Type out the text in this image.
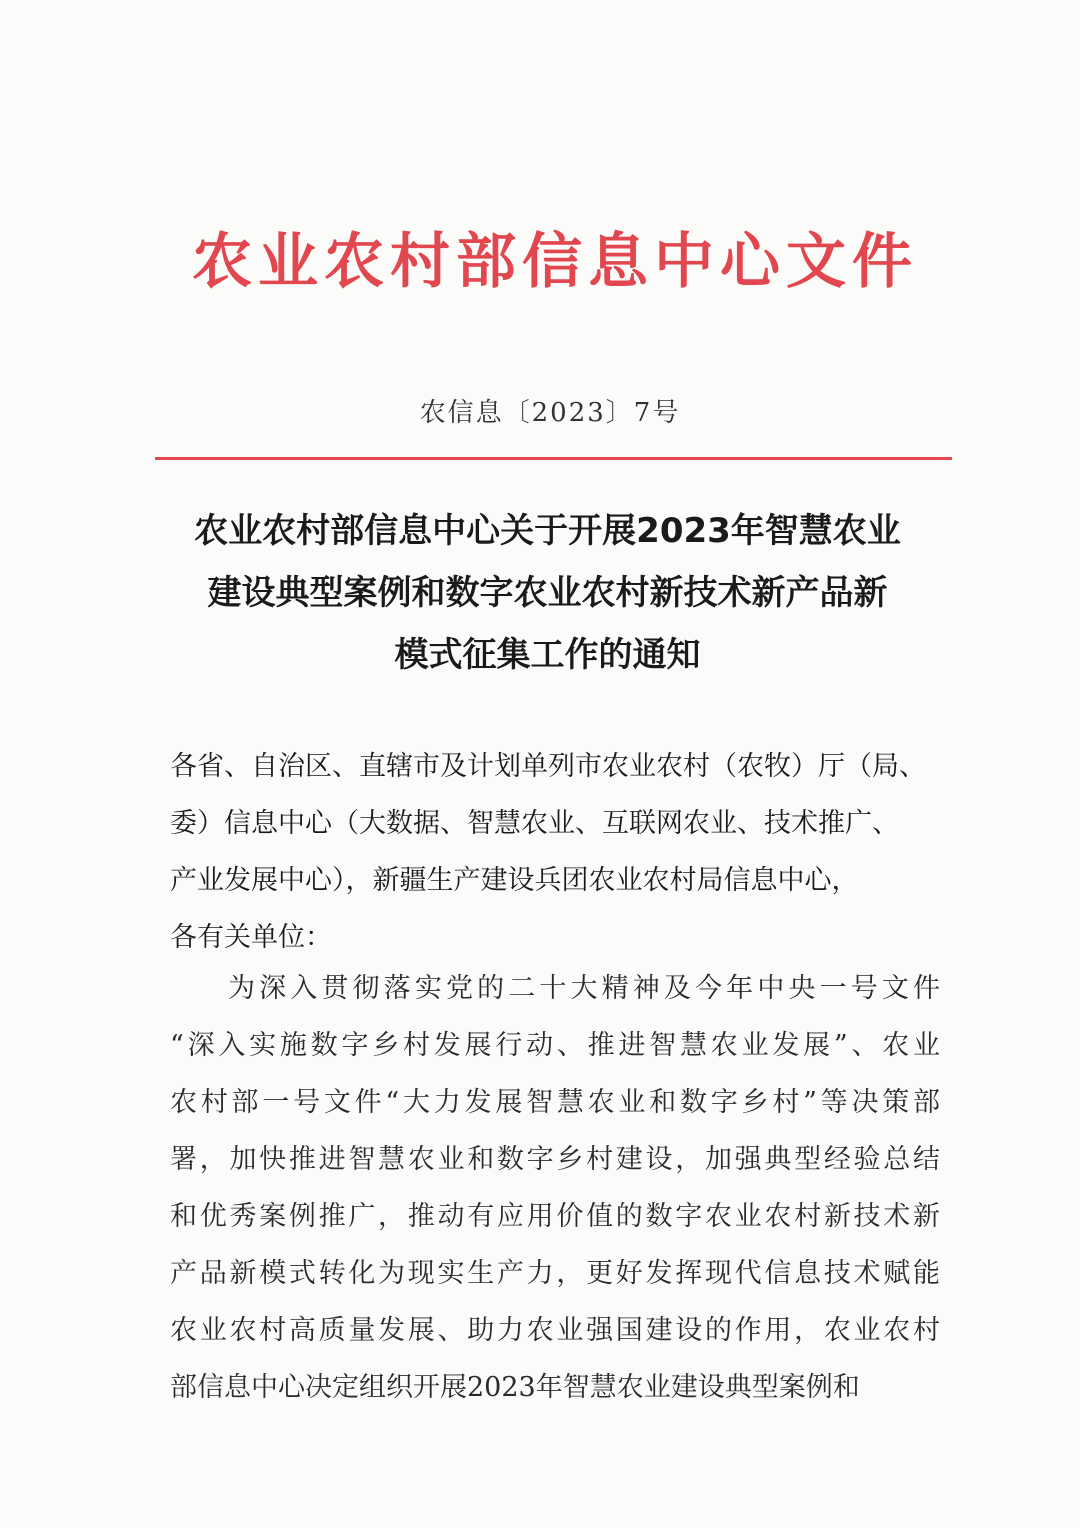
农业农村部信息中心文件
农信息〔2023〕7号
农业农村部信息中心关于开展2023年智慧农业
建设典型案例和数字农业农村新技术新产品新
模式征集工作的通知
各省、自治区、直辖市及计划单列市农业农村（农牧）厅（局、
委）信息中心（大数据、智慧农业、互联网农业、技术推广、
产业发展中心），新疆生产建设兵团农业农村局信息中心，
各有关单位：
为深入贯彻落实党的二十大精神及今年中央一号文件
“深入实施数字乡村发展行动、推进智慧农业发展”、农业
农村部一号文件“大力发展智慧农业和数字乡村”等决策部
署，加快推进智慧农业和数字乡村建设，加强典型经验总结
和优秀案例推广，推动有应用价值的数字农业农村新技术新
产品新模式转化为现实生产力，更好发挥现代信息技术赋能
农业农村高质量发展、助力农业强国建设的作用，农业农村
部信息中心决定组织开展2023年智慧农业建设典型案例和
